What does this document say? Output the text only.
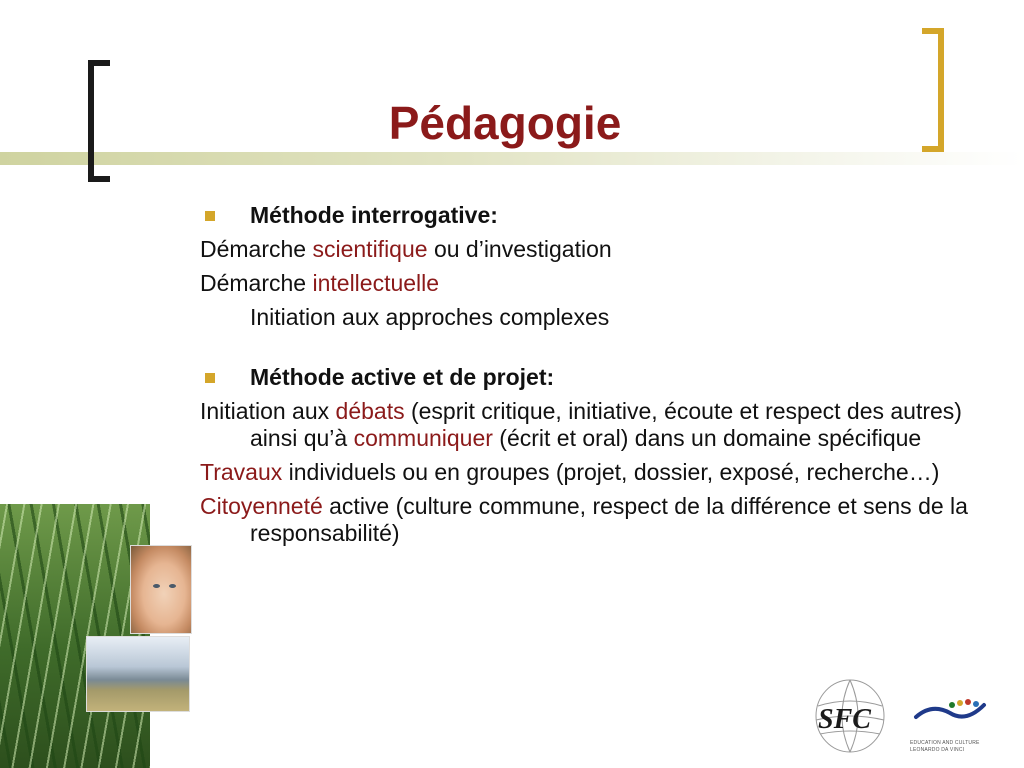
Pédagogie
Méthode interrogative:
Démarche scientifique ou d’investigation
Démarche intellectuelle
Initiation aux approches complexes
Méthode active et de projet:
Initiation aux débats (esprit critique, initiative, écoute et respect des autres) ainsi qu’à communiquer (écrit et oral) dans un domaine spécifique
Travaux individuels ou en groupes (projet, dossier, exposé, recherche…)
Citoyenneté active (culture commune, respect de la différence et sens de la responsabilité)
SFC
EDUCATION AND CULTURE
LEONARDO DA VINCI
